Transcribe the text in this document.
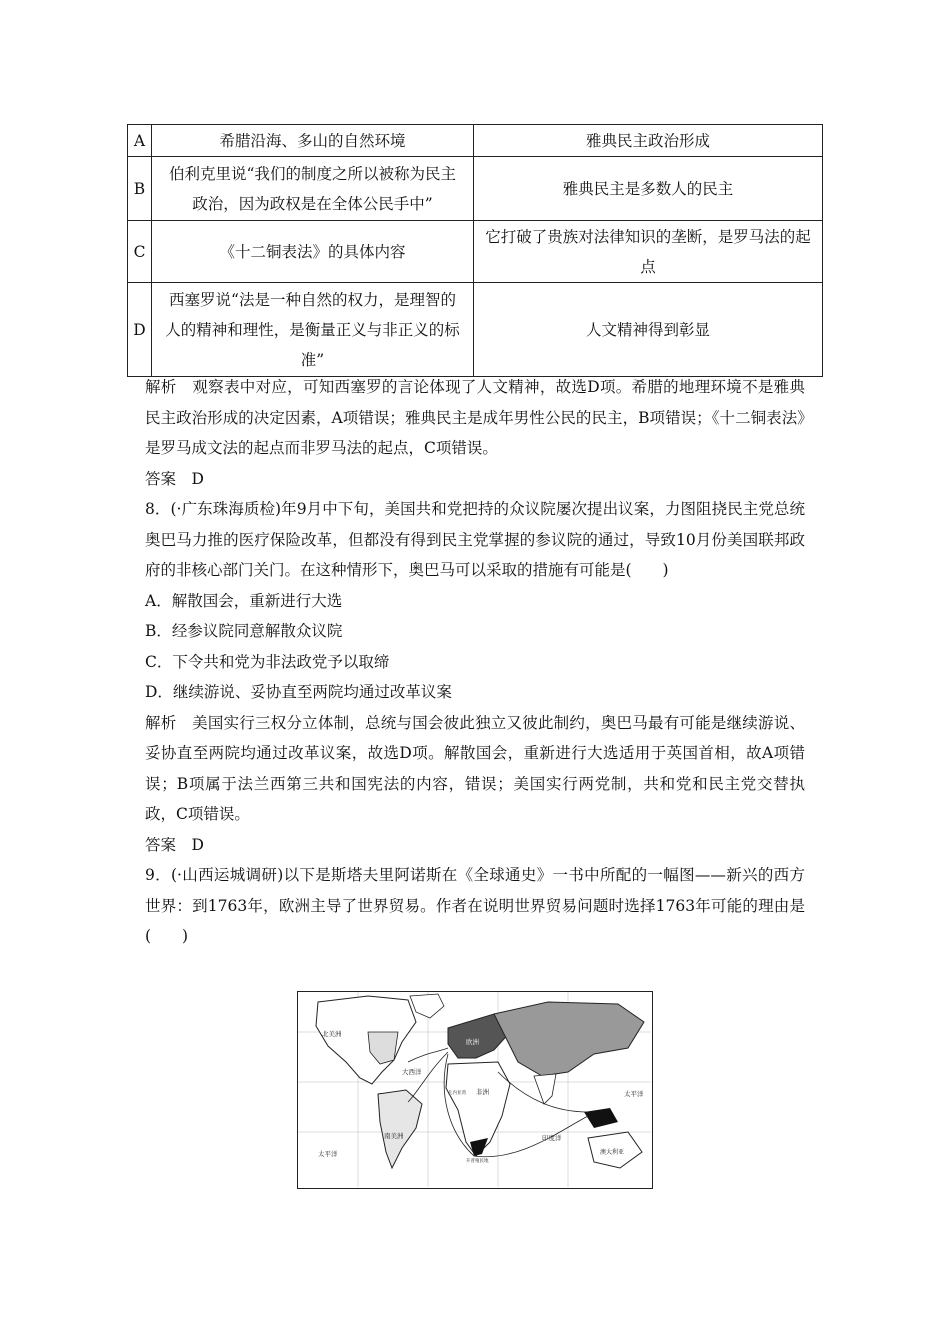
A	希腊沿海、多山的自然环境	雅典民主政治形成
B	伯利克里说“我们的制度之所以被称为民主政治，因为政权是在全体公民手中”	雅典民主是多数人的民主
C	《十二铜表法》的具体内容	它打破了贵族对法律知识的垄断，是罗马法的起点
D	西塞罗说“法是一种自然的权力，是理智的人的精神和理性，是衡量正义与非正义的标准”	人文精神得到彰显

解析　 观察表中对应，可知西塞罗的言论体现了人文精神，故选D项。希腊的地理环境不是雅典民主政治形成的决定因素，A项错误；雅典民主是成年男性公民的民主，B项错误；《十二铜表法》是罗马成文法的起点而非罗马法的起点，C项错误。

答案　 D

8．(·广东珠海质检)年9月中下旬，美国共和党把持的众议院屡次提出议案，力图阻挠民主党总统奥巴马力推的医疗保险改革，但都没有得到民主党掌握的参议院的通过，导致10月份美国联邦政府的非核心部门关门。在这种情形下，奥巴马可以采取的措施有可能是(　　)

A．解散国会，重新进行大选

B．经参议院同意解散众议院

C．下令共和党为非法政党予以取缔

D．继续游说、妥协直至两院均通过改革议案

解析　 美国实行三权分立体制，总统与国会彼此独立又彼此制约，奥巴马最有可能是继续游说、妥协直至两院均通过改革议案，故选D项。解散国会，重新进行大选适用于英国首相，故A项错误；B项属于法兰西第三共和国宪法的内容，错误；美国实行两党制，共和党和民主党交替执政，C项错误。

答案　 D

9．(·山西运城调研)以下是斯塔夫里阿诺斯在《全球通史》一书中所配的一幅图——新兴的西方世界：到1763年，欧洲主导了世界贸易。作者在说明世界贸易问题时选择1763年可能的理由是(　　)

北美洲
大西洋
南美洲
太平洋
太平洋
非洲
欧洲
印度洋
澳大利亚
几内亚湾
开普殖民地
